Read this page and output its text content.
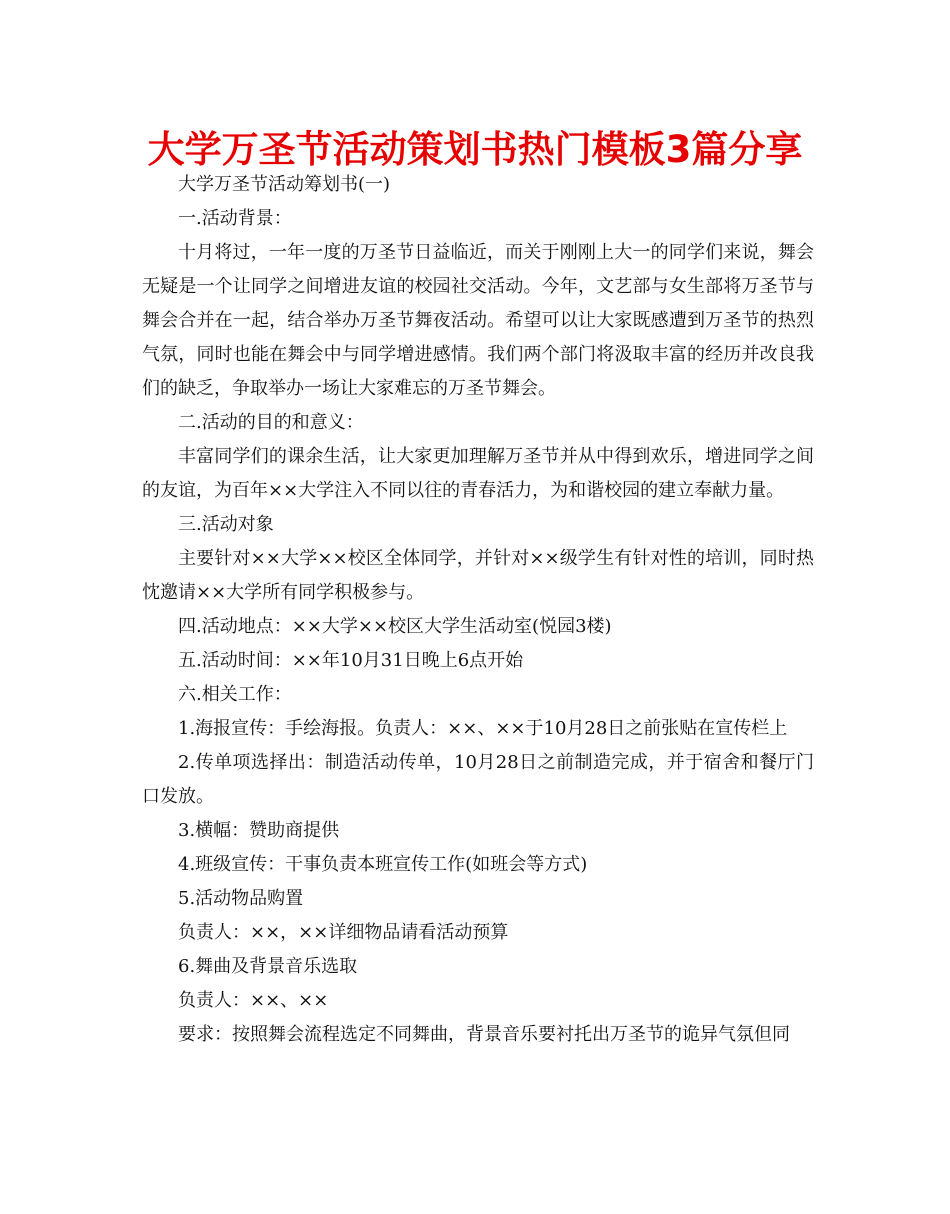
大学万圣节活动策划书热门模板3篇分享

大学万圣节活动筹划书(一)

一.活动背景：

十月将过，一年一度的万圣节日益临近，而关于刚刚上大一的同学们来说，舞会无疑是一个让同学之间增进友谊的校园社交活动。今年，文艺部与女生部将万圣节与舞会合并在一起，结合举办万圣节舞夜活动。希望可以让大家既感遭到万圣节的热烈气氛，同时也能在舞会中与同学增进感情。我们两个部门将汲取丰富的经历并改良我们的缺乏，争取举办一场让大家难忘的万圣节舞会。

二.活动的目的和意义：

丰富同学们的课余生活，让大家更加理解万圣节并从中得到欢乐，增进同学之间的友谊，为百年××大学注入不同以往的青春活力，为和谐校园的建立奉献力量。

三.活动对象

主要针对××大学××校区全体同学，并针对××级学生有针对性的培训，同时热忱邀请××大学所有同学积极参与。

四.活动地点：××大学××校区大学生活动室(悦园3楼)

五.活动时间：××年10月31日晚上6点开始

六.相关工作：

1.海报宣传：手绘海报。负责人：××、××于10月28日之前张贴在宣传栏上

2.传单项选择出：制造活动传单，10月28日之前制造完成，并于宿舍和餐厅门口发放。

3.横幅：赞助商提供

4.班级宣传：干事负责本班宣传工作(如班会等方式)

5.活动物品购置

负责人：××，××详细物品请看活动预算

6.舞曲及背景音乐选取

负责人：××、××

要求：按照舞会流程选定不同舞曲，背景音乐要衬托出万圣节的诡异气氛但同
